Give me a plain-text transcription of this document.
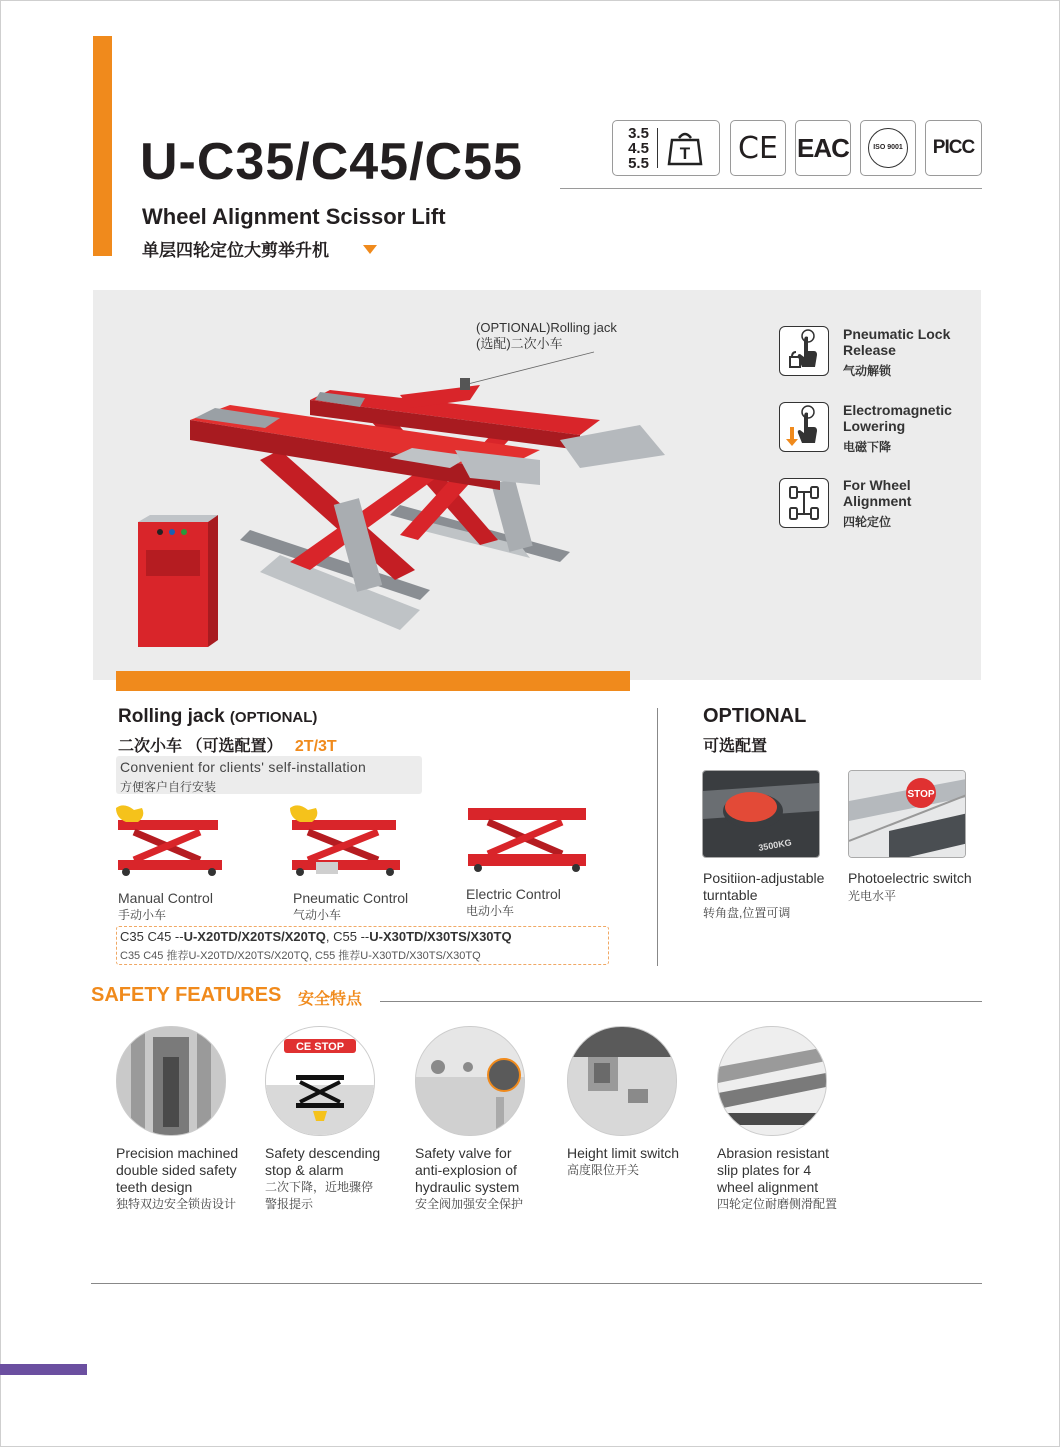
U-C35/C45/C55
Wheel Alignment Scissor Lift
单层四轮定位大剪举升机
3.5
4.5
5.5 T CE EAC	ISO 9001 PICC
(OPTIONAL)Rolling jack
(选配)二次小车
Pneumatic Lock
Release
气动解锁
Electromagnetic
Lowering
电磁下降
For Wheel
Alignment
四轮定位
Rolling jack (OPTIONAL)
二次小车 （可选配置） 2T/3T
Convenient for clients' self-installation
方便客户自行安装
Manual Control
手动小车
Pneumatic Control
气动小车
Electric Control
电动小车
C35 C45 --U-X20TD/X20TS/X20TQ, C55 --U-X30TD/X30TS/X30TQ
C35 C45 推荐U-X20TD/X20TS/X20TQ, C55 推荐U-X30TD/X30TS/X30TQ
OPTIONAL
可选配置
3500KG
STOP
Positiion-adjustable
turntable
转角盘,位置可调
Photoelectric switch
光电水平
SAFETY FEATURES 安全特点
CE STOP
Precision machined
double sided safety
teeth design
独特双边安全锁齿设计
Safety descending
stop & alarm
二次下降，近地骤停
警报提示
Safety valve for
anti-explosion of
hydraulic system
安全阀加强安全保护
Height limit switch
高度限位开关
Abrasion resistant
slip plates for 4
wheel alignment
四轮定位耐磨侧滑配置
